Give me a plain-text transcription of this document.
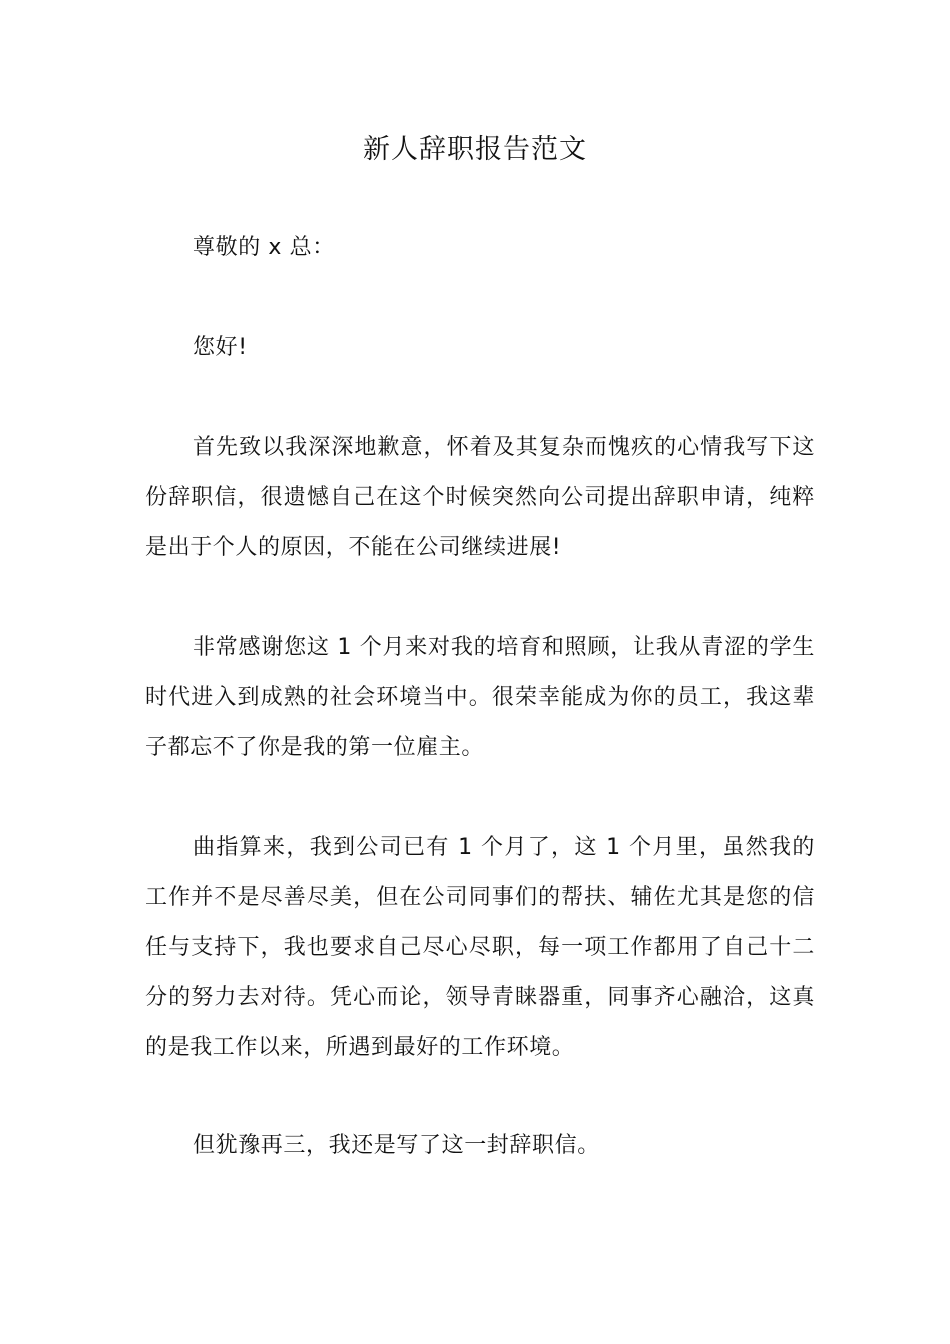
新人辞职报告范文

尊敬的 x 总：

您好!

首先致以我深深地歉意，怀着及其复杂而愧疚的心情我写下这份辞职信，很遗憾自己在这个时候突然向公司提出辞职申请，纯粹是出于个人的原因，不能在公司继续进展!

非常感谢您这 1 个月来对我的培育和照顾，让我从青涩的学生时代进入到成熟的社会环境当中。很荣幸能成为你的员工，我这辈子都忘不了你是我的第一位雇主。

曲指算来，我到公司已有 1 个月了，这 1 个月里，虽然我的工作并不是尽善尽美，但在公司同事们的帮扶、辅佐尤其是您的信任与支持下，我也要求自己尽心尽职，每一项工作都用了自己十二分的努力去对待。凭心而论，领导青睐器重，同事齐心融洽，这真的是我工作以来，所遇到最好的工作环境。

但犹豫再三，我还是写了这一封辞职信。
